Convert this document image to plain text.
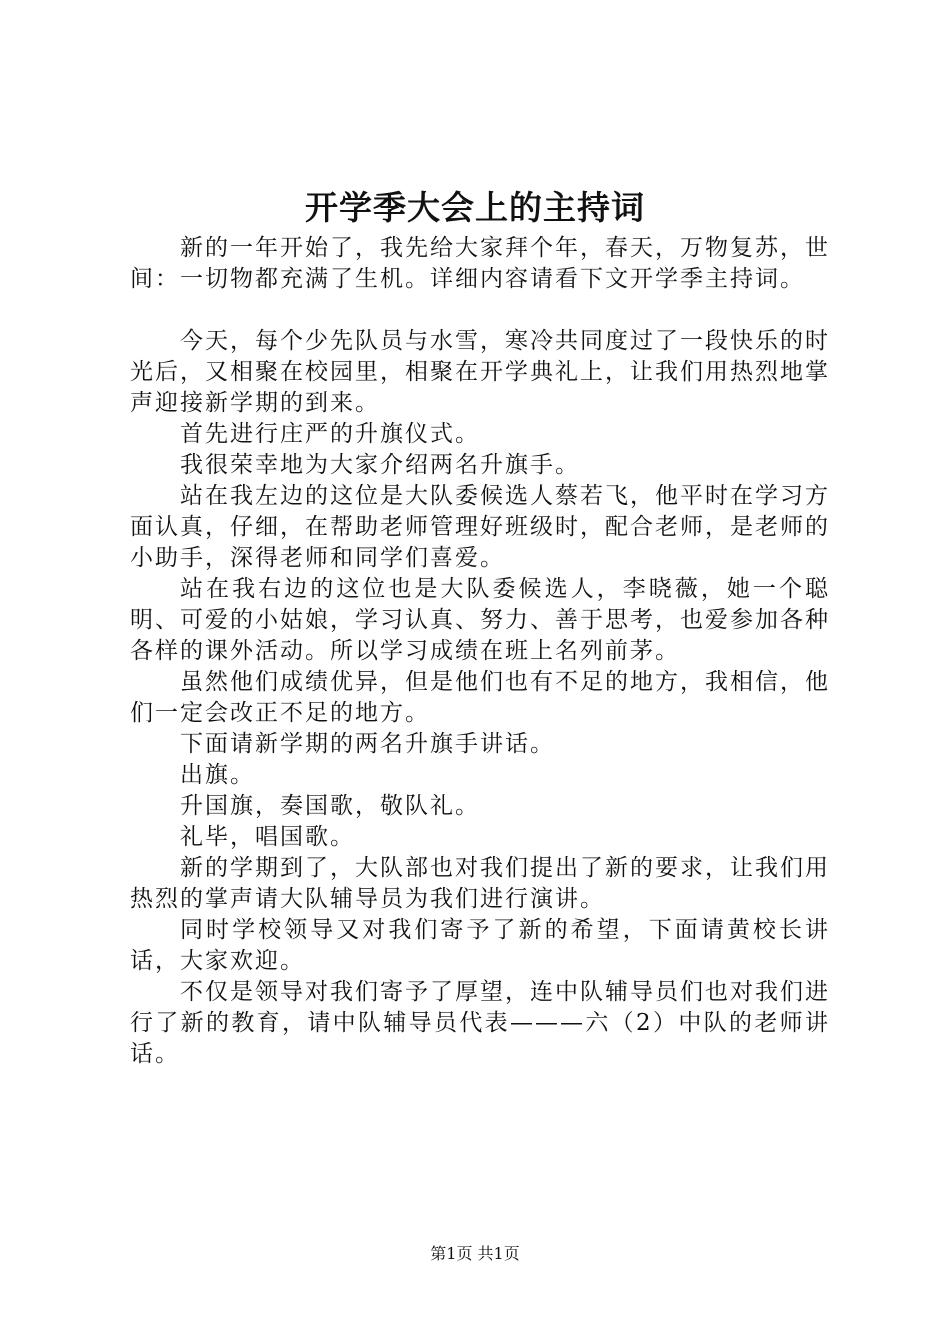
开学季大会上的主持词

新的一年开始了，我先给大家拜个年，春天，万物复苏，世间：一切物都充满了生机。详细内容请看下文开学季主持词。

今天，每个少先队员与水雪，寒冷共同度过了一段快乐的时光后，又相聚在校园里，相聚在开学典礼上，让我们用热烈地掌声迎接新学期的到来。

首先进行庄严的升旗仪式。

我很荣幸地为大家介绍两名升旗手。

站在我左边的这位是大队委候选人蔡若飞，他平时在学习方面认真，仔细，在帮助老师管理好班级时，配合老师，是老师的小助手，深得老师和同学们喜爱。

站在我右边的这位也是大队委候选人，李晓薇，她一个聪明、可爱的小姑娘，学习认真、努力、善于思考，也爱参加各种各样的课外活动。所以学习成绩在班上名列前茅。

虽然他们成绩优异，但是他们也有不足的地方，我相信，他们一定会改正不足的地方。

下面请新学期的两名升旗手讲话。

出旗。

升国旗，奏国歌，敬队礼。

礼毕，唱国歌。

新的学期到了，大队部也对我们提出了新的要求，让我们用热烈的掌声请大队辅导员为我们进行演讲。

同时学校领导又对我们寄予了新的希望，下面请黄校长讲话，大家欢迎。

不仅是领导对我们寄予了厚望，连中队辅导员们也对我们进行了新的教育，请中队辅导员代表———六（2）中队的老师讲话。

第1页 共1页
